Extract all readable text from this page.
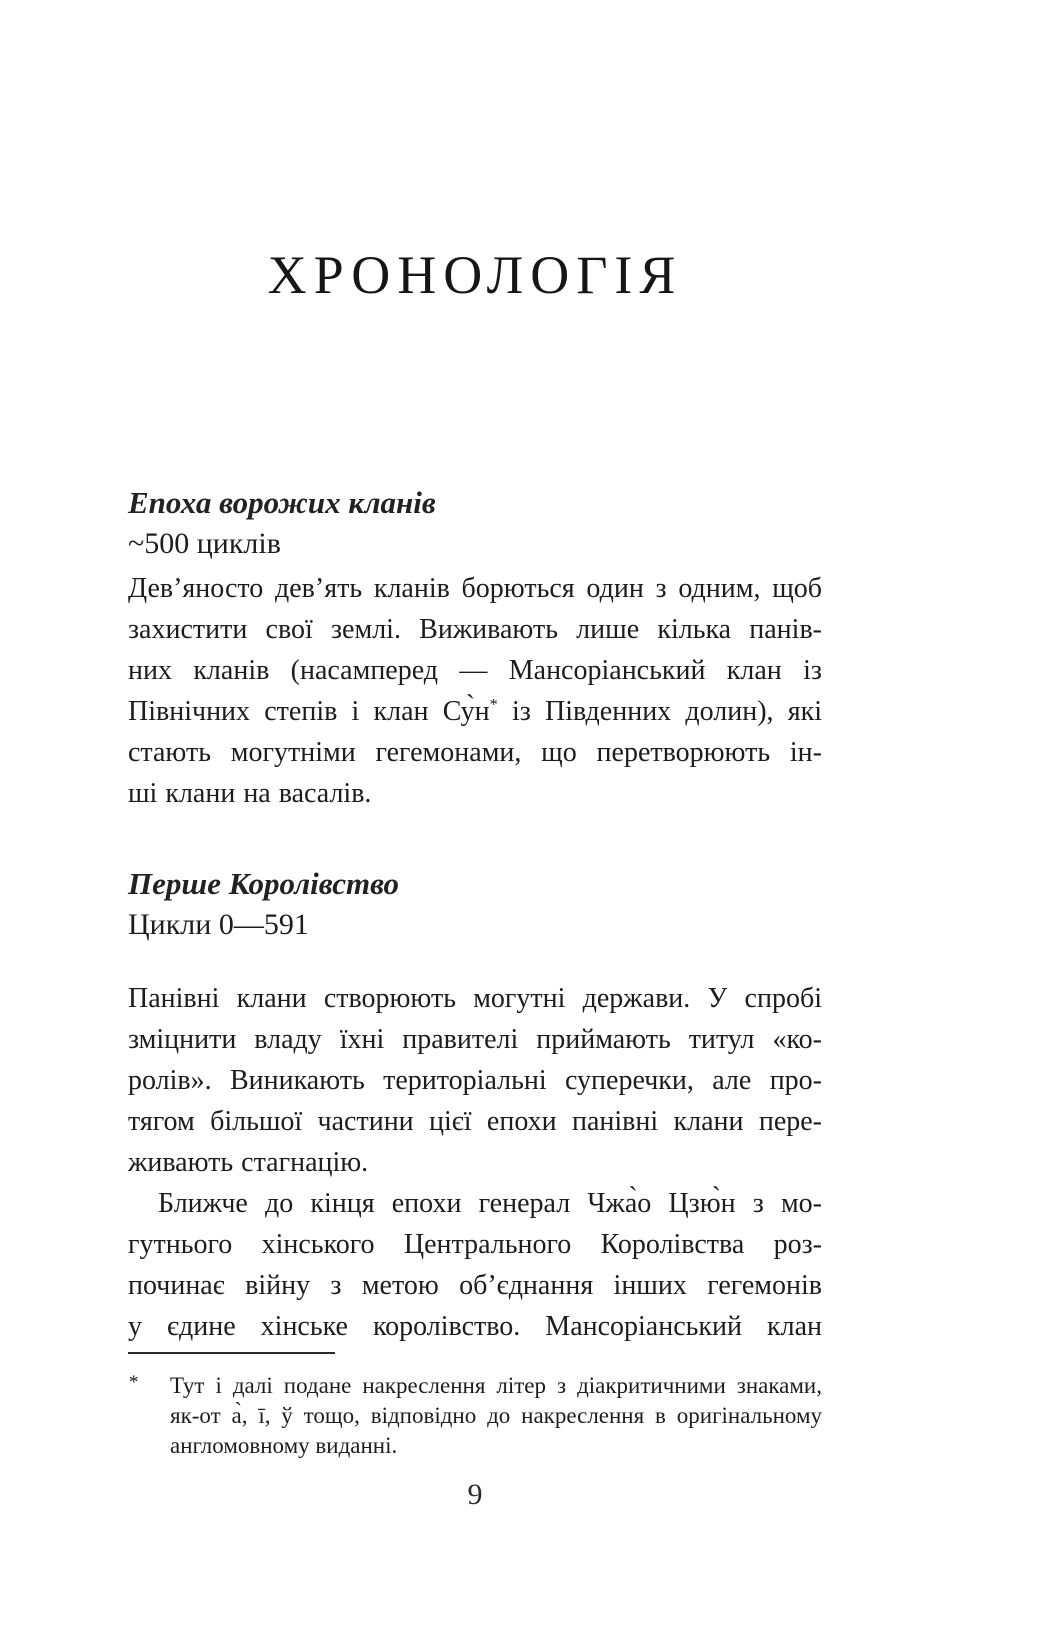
ХРОНОЛОГІЯ
Епоха ворожих кланів
~500 циклів
Дев’яносто дев’ять кланів борються один з одним, щоб
захистити свої землі. Виживають лише кілька панів-
них кланів (насамперед — Мансоріанський клан із
Північних степів і клан Су̀н* із Південних долин), які
стають могутніми гегемонами, що перетворюють ін-
ші клани на васалів.
Перше Королівство
Цикли 0—591
Панівні клани створюють могутні держави. У спробі
зміцнити владу їхні правителі приймають титул «ко-
ролів». Виникають територіальні суперечки, але про-
тягом більшої частини цієї епохи панівні клани пере-
живають стагнацію.
Ближче до кінця епохи генерал Чжа̀о Цзю̀н з мо-
гутнього хінського Центрального Королівства роз-
починає війну з метою об’єднання інших гегемонів
у єдине хінське королівство. Мансоріанський клан
* Тут і далі подане накреслення літер з діакритичними знаками,
як-от а̀, ī, ў тощо, відповідно до накреслення в оригінальному
англомовному виданні.
9
